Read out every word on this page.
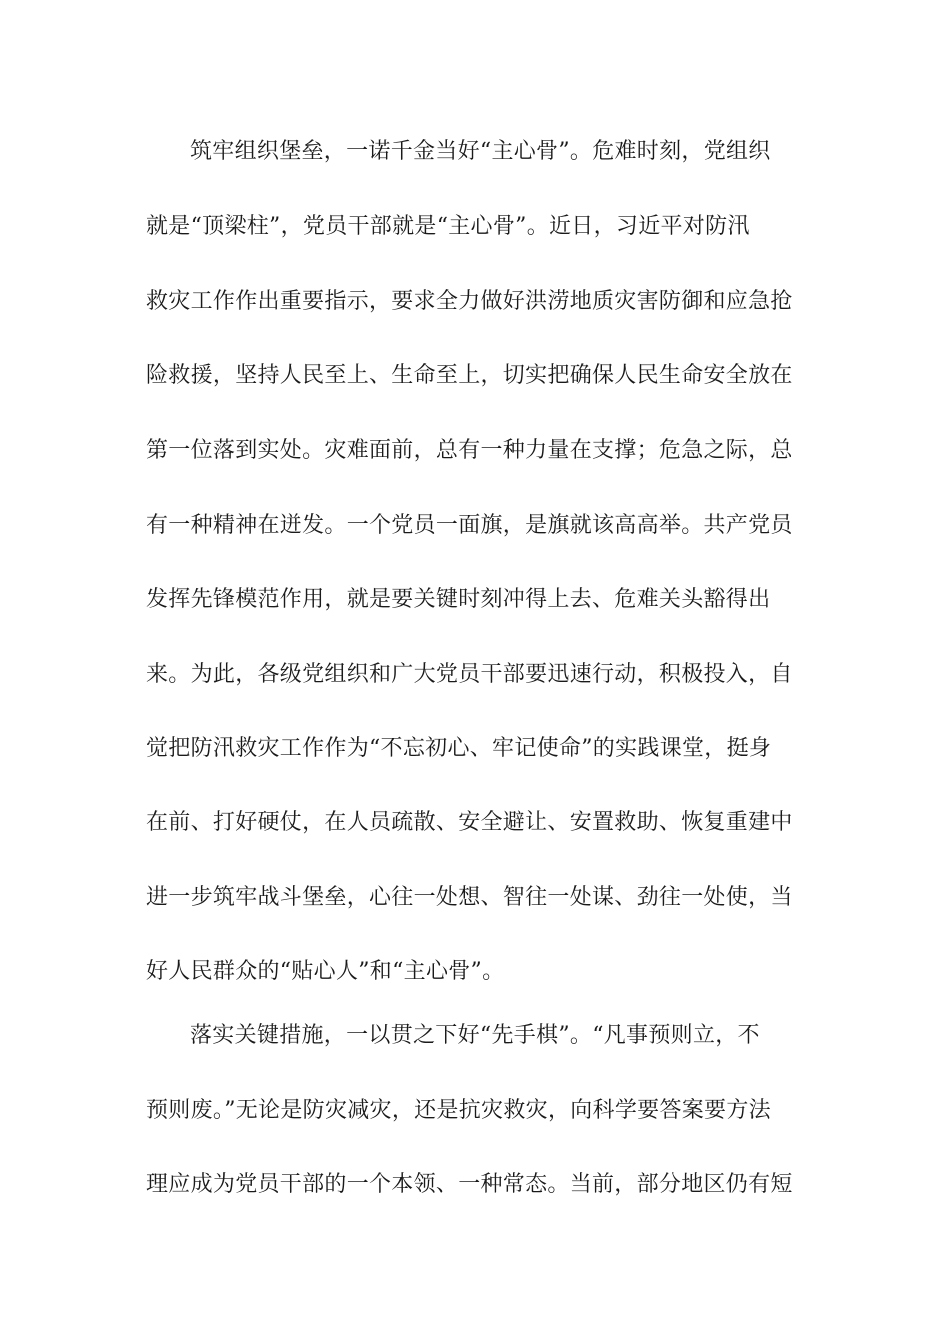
筑牢组织堡垒，一诺千金当好“主心骨”。危难时刻，党组织
就是“顶梁柱”，党员干部就是“主心骨”。近日，习近平对防汛
救灾工作作出重要指示，要求全力做好洪涝地质灾害防御和应急抢
险救援，坚持人民至上、生命至上，切实把确保人民生命安全放在
第一位落到实处。灾难面前，总有一种力量在支撑；危急之际，总
有一种精神在迸发。一个党员一面旗，是旗就该高高举。共产党员
发挥先锋模范作用，就是要关键时刻冲得上去、危难关头豁得出
来。为此，各级党组织和广大党员干部要迅速行动，积极投入，自
觉把防汛救灾工作作为“不忘初心、牢记使命”的实践课堂，挺身
在前、打好硬仗，在人员疏散、安全避让、安置救助、恢复重建中
进一步筑牢战斗堡垒，心往一处想、智往一处谋、劲往一处使，当
好人民群众的“贴心人”和“主心骨”。
落实关键措施，一以贯之下好“先手棋”。“凡事预则立，不
预则废。”无论是防灾减灾，还是抗灾救灾，向科学要答案要方法
理应成为党员干部的一个本领、一种常态。当前，部分地区仍有短
